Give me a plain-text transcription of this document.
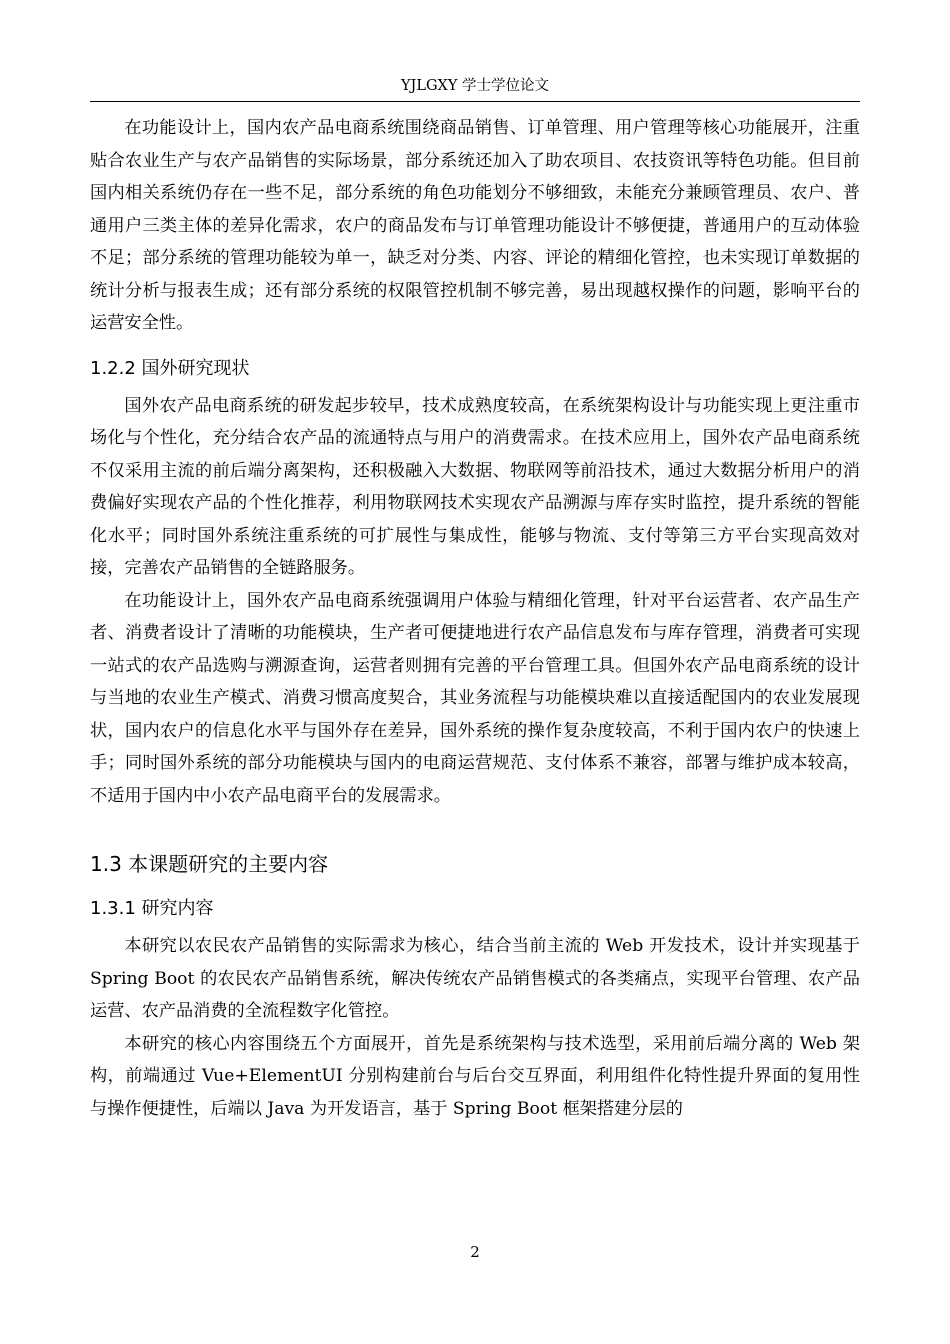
YJLGXY 学士学位论文

在功能设计上，国内农产品电商系统围绕商品销售、订单管理、用户管理等核心功能展开，注重贴合农业生产与农产品销售的实际场景，部分系统还加入了助农项目、农技资讯等特色功能。但目前国内相关系统仍存在一些不足，部分系统的角色功能划分不够细致，未能充分兼顾管理员、农户、普通用户三类主体的差异化需求，农户的商品发布与订单管理功能设计不够便捷，普通用户的互动体验不足；部分系统的管理功能较为单一，缺乏对分类、内容、评论的精细化管控，也未实现订单数据的统计分析与报表生成；还有部分系统的权限管控机制不够完善，易出现越权操作的问题，影响平台的运营安全性。

1.2.2 国外研究现状

国外农产品电商系统的研发起步较早，技术成熟度较高，在系统架构设计与功能实现上更注重市场化与个性化，充分结合农产品的流通特点与用户的消费需求。在技术应用上，国外农产品电商系统不仅采用主流的前后端分离架构，还积极融入大数据、物联网等前沿技术，通过大数据分析用户的消费偏好实现农产品的个性化推荐，利用物联网技术实现农产品溯源与库存实时监控，提升系统的智能化水平；同时国外系统注重系统的可扩展性与集成性，能够与物流、支付等第三方平台实现高效对接，完善农产品销售的全链路服务。

在功能设计上，国外农产品电商系统强调用户体验与精细化管理，针对平台运营者、农产品生产者、消费者设计了清晰的功能模块，生产者可便捷地进行农产品信息发布与库存管理，消费者可实现一站式的农产品选购与溯源查询，运营者则拥有完善的平台管理工具。但国外农产品电商系统的设计与当地的农业生产模式、消费习惯高度契合，其业务流程与功能模块难以直接适配国内的农业发展现状，国内农户的信息化水平与国外存在差异，国外系统的操作复杂度较高，不利于国内农户的快速上手；同时国外系统的部分功能模块与国内的电商运营规范、支付体系不兼容，部署与维护成本较高，不适用于国内中小农产品电商平台的发展需求。

1.3 本课题研究的主要内容
1.3.1 研究内容

本研究以农民农产品销售的实际需求为核心，结合当前主流的 Web 开发技术，设计并实现基于 Spring Boot 的农民农产品销售系统，解决传统农产品销售模式的各类痛点，实现平台管理、农产品运营、农产品消费的全流程数字化管控。

本研究的核心内容围绕五个方面展开，首先是系统架构与技术选型，采用前后端分离的 Web 架构，前端通过 Vue+ElementUI 分别构建前台与后台交互界面，利用组件化特性提升界面的复用性与操作便捷性，后端以 Java 为开发语言，基于 Spring Boot 框架搭建分层的

2
